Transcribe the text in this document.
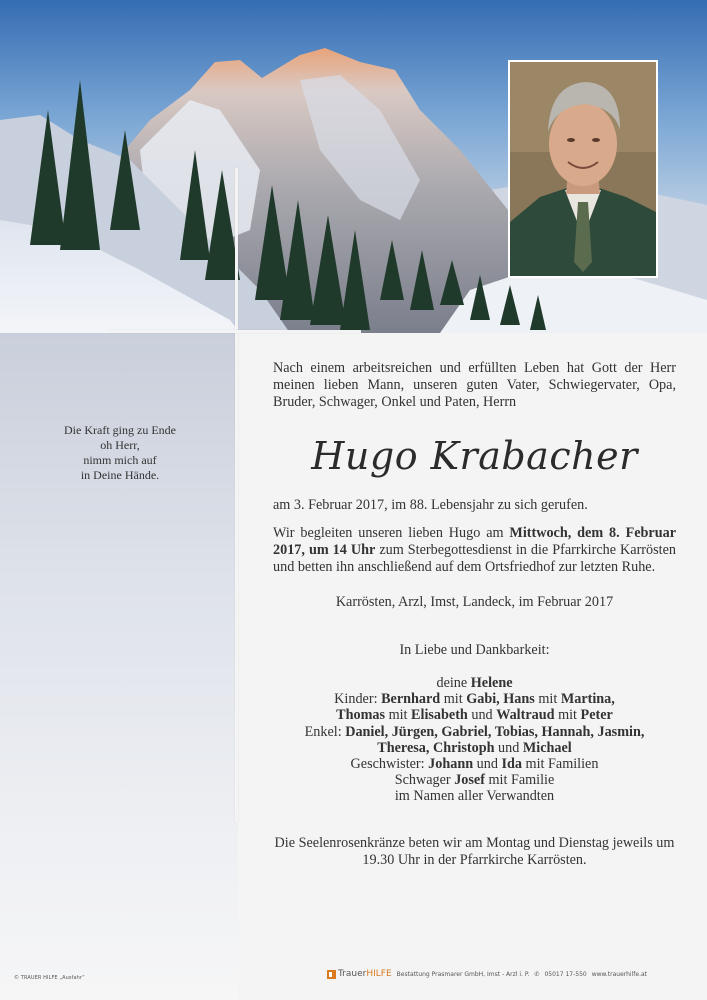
Die Kraft ging zu Ende
oh Herr,
nimm mich auf
in Deine Hände.
Nach einem arbeitsreichen und erfüllten Leben hat Gott der Herr meinen lieben Mann, unseren guten Vater, Schwiegervater, Opa, Bruder, Schwager, Onkel und Paten, Herrn
Hugo Krabacher
am 3. Februar 2017, im 88. Lebensjahr zu sich gerufen.
Wir begleiten unseren lieben Hugo am Mittwoch, dem 8. Februar 2017, um 14 Uhr zum Sterbegottesdienst in die Pfarrkirche Karrösten und betten ihn anschließend auf dem Ortsfriedhof zur letzten Ruhe.
Karrösten, Arzl, Imst, Landeck, im Februar 2017
In Liebe und Dankbarkeit:
deine Helene
Kinder: Bernhard mit Gabi, Hans mit Martina,
Thomas mit Elisabeth und Waltraud mit Peter
Enkel: Daniel, Jürgen, Gabriel, Tobias, Hannah, Jasmin,
Theresa, Christoph und Michael
Geschwister: Johann und Ida mit Familien
Schwager Josef mit Familie
im Namen aller Verwandten
Die Seelenrosenkränze beten wir am Montag und Dienstag jeweils um 19.30 Uhr in der Pfarrkirche Karrösten.
© TRAUER HILFE „Ausfahr“	Trauer HILFE Bestattung Prasmarer GmbH, Imst - Arzl i. P. ✆ 05017 17-550 www.trauerhilfe.at
